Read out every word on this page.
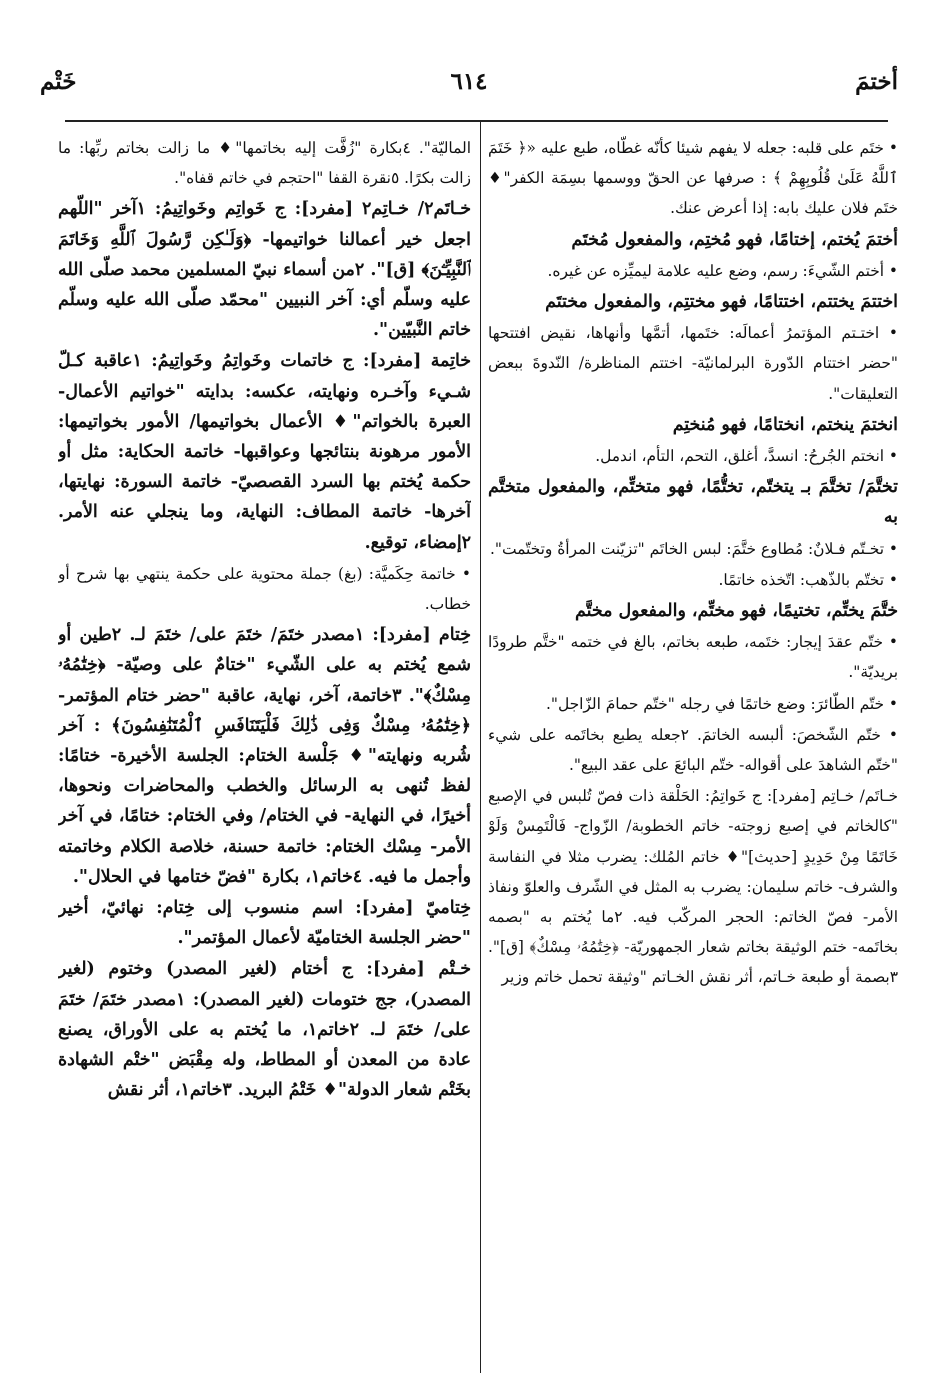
أختمَ
٦١٤
خَتْم

• ختَم على قلبه: جعله لا يفهم شيئا كأنّه غطّاه، طبع عليه «﴿ خَتَمَ ٱللَّهُ عَلَىٰ قُلُوبِهِمْ ﴾ : صرفها عن الحقّ ووسمها بسِمَة الكفر"♦ ختَم فلان عليك بابه: إذا أعرض عنك.

أختمَ يُختم، إختامًا، فهو مُختِم، والمفعول مُختَم

• أختم الشّيءَ: رسم، وضع عليه علامة ليميِّزه عن غيره.

اختتمَ يختتم، اختتامًا، فهو مختتِم، والمفعول مختتَم

• اختـتم المؤتمرُ أعمالَه: ختَمها، أتمَّها وأنهاها، نقيض افتتحها "حضر اختتام الدّورة البرلمانيّة- اختتم المناظرة/ النّدوةَ ببعض التعليقات".

انختمَ ينختم، انختامًا، فهو مُنختِم

• انختم الجُرحُ: انسدَّ، أغلق، التحم، التأم، اندمل.

تختَّمَ/ تختَّمَ بـ يتختّم، تختُّمًا، فهو متختِّم، والمفعول متختَّم به

• تخـتّم فـلانٌ: مُطاوع ختَّمَ: لبس الخاتَم "تزيّنت المرأةُ وتختّمت".

• تختّم بالذّهب: اتّخذه خاتمًا.

ختَّمَ يختِّم، تختيمًا، فهو مختِّم، والمفعول مختَّم

• ختّم عقدَ إيجار: ختَمه، طبعه بخاتم، بالغ في ختمه "ختَّم طرودًا بريديّة".

• ختّم الطّائرَ: وضع خاتمًا في رجله "ختّم حمامَ الزّاجل".

• ختّم الشّخصَ: ألبسه الخاتمَ. ٢جعله يطبع بخاتَمه على شيء "ختّم الشاهدَ على أقواله- ختّم البائعَ على عقد البيع".

خـاتَم/ خـاتِم [مفرد]: ج خَواتِمُ: الحَلْقة ذات فصّ تُلبس في الإصبع "كالخاتم في إصبع زوجته- خاتم الخطوبة/ الزّواج- فَالْتَمِسْ وَلَوْ خَاتَمًا مِنْ حَدِيدٍ [حديث]"♦ خاتم المُلك: يضرب مثلا في النفاسة والشرف- خاتم سليمان: يضرب به المثل في الشّرف والعلوّ ونفاذ الأمر- فصّ الخاتم: الحجر المركّب فيه. ٢ما يُختم به "بصمه بخاتَمه- ختم الوثيقة بخاتم شعار الجمهوريّة- ﴿خِتَٰمُهُۥ مِسْكٌ﴾ [ق]". ٣بصمة أو طبعة خـاتم، أثر نقش الخـاتم "وثيقة تحمل خاتم وزير

الماليّة". ٤بكارة "زُفَّت إليه بخاتمها"♦ ما زالت بخاتم ربِّها: ما زالت بكرًا. ٥نقرة القفا "احتجم في خاتم قفاه".

خـاتَم٢/ خـاتِم٢ [مفرد]: ج خَواتِم وخَواتِيمُ: ١آخر "اللّهم اجعل خير أعمالنا خواتيمها- ﴿وَلَـٰكِن رَّسُولَ ٱللَّهِ وَخَاتَمَ ٱلنَّبِيِّـۧنَ﴾ [ق]". ٢من أسماء نبيّ المسلمين محمد صلّى الله عليه وسلّم أي: آخر النبيين "محمّد صلّى الله عليه وسلّم خاتم النَّبيّين".

خاتِمة [مفرد]: ج خاتمات وخَواتِمُ وخَواتِيمُ: ١عاقبة كـلّ شـيء وآخـره ونهايته، عكسه: بدايته "خواتيم الأعمال- العبرة بالخواتم"♦ الأعمال بخواتيمها/ الأمور بخواتيمها: الأمور مرهونة بنتائجها وعواقبها- خاتمة الحكاية: مثل أو حكمة يُختم بها السرد القصصيّ- خاتمة السورة: نهايتها، آخرها- خاتمة المطاف: النهاية، وما ينجلي عنه الأمر. ٢إمضاء، توقيع.

• خاتمة حِكَميَّة: (بغ) جملة محتوية على حكمة ينتهي بها شرح أو خطاب.

خِتام [مفرد]: ١مصدر ختَمَ/ ختَمَ على/ ختَمَ لـ. ٢طين أو شمع يُختم به على الشّيء "ختامٌ على وصيّة- ﴿خِتَٰمُهُۥ مِسْكٌ﴾". ٣خاتمة، آخر، نهاية، عاقبة "حضر ختام المؤتمر- ﴿خِتَٰمُهُۥ مِسْكٌ وَفِى ذَٰلِكَ فَلْيَتَنَافَسِ ٱلْمُتَنَٰفِسُونَ﴾ : آخر شُربه ونهايته"♦ جَلْسة الختام: الجلسة الأخيرة- ختامًا: لفظ تُنهى به الرسائل والخطب والمحاضرات ونحوها، أخيرًا، في النهاية- في الختام/ وفي الختام: ختامًا، في آخر الأمر- مِسْك الختام: خاتمة حسنة، خلاصة الكلام وخاتمته وأجمل ما فيه. ٤خاتم١، بكارة "فضّ ختامها في الحلال".

خِتاميّ [مفرد]: اسم منسوب إلى خِتام: نهائيّ، أخير "حضر الجلسة الختاميّة لأعمال المؤتمر".

خـتْم [مفرد]: ج أختام (لغير المصدر) وختوم (لغير المصدر)، جج ختومات (لغير المصدر): ١مصدر ختَمَ/ ختَمَ على/ ختَمَ لـ. ٢خاتم١، ما يُختم به على الأوراق، يصنع عادة من المعدن أو المطاط، وله مِقْبَض "ختْم الشهادة بخَتْم شعار الدولة"♦ خَتْمُ البريد. ٣خاتم١، أثر نقش
